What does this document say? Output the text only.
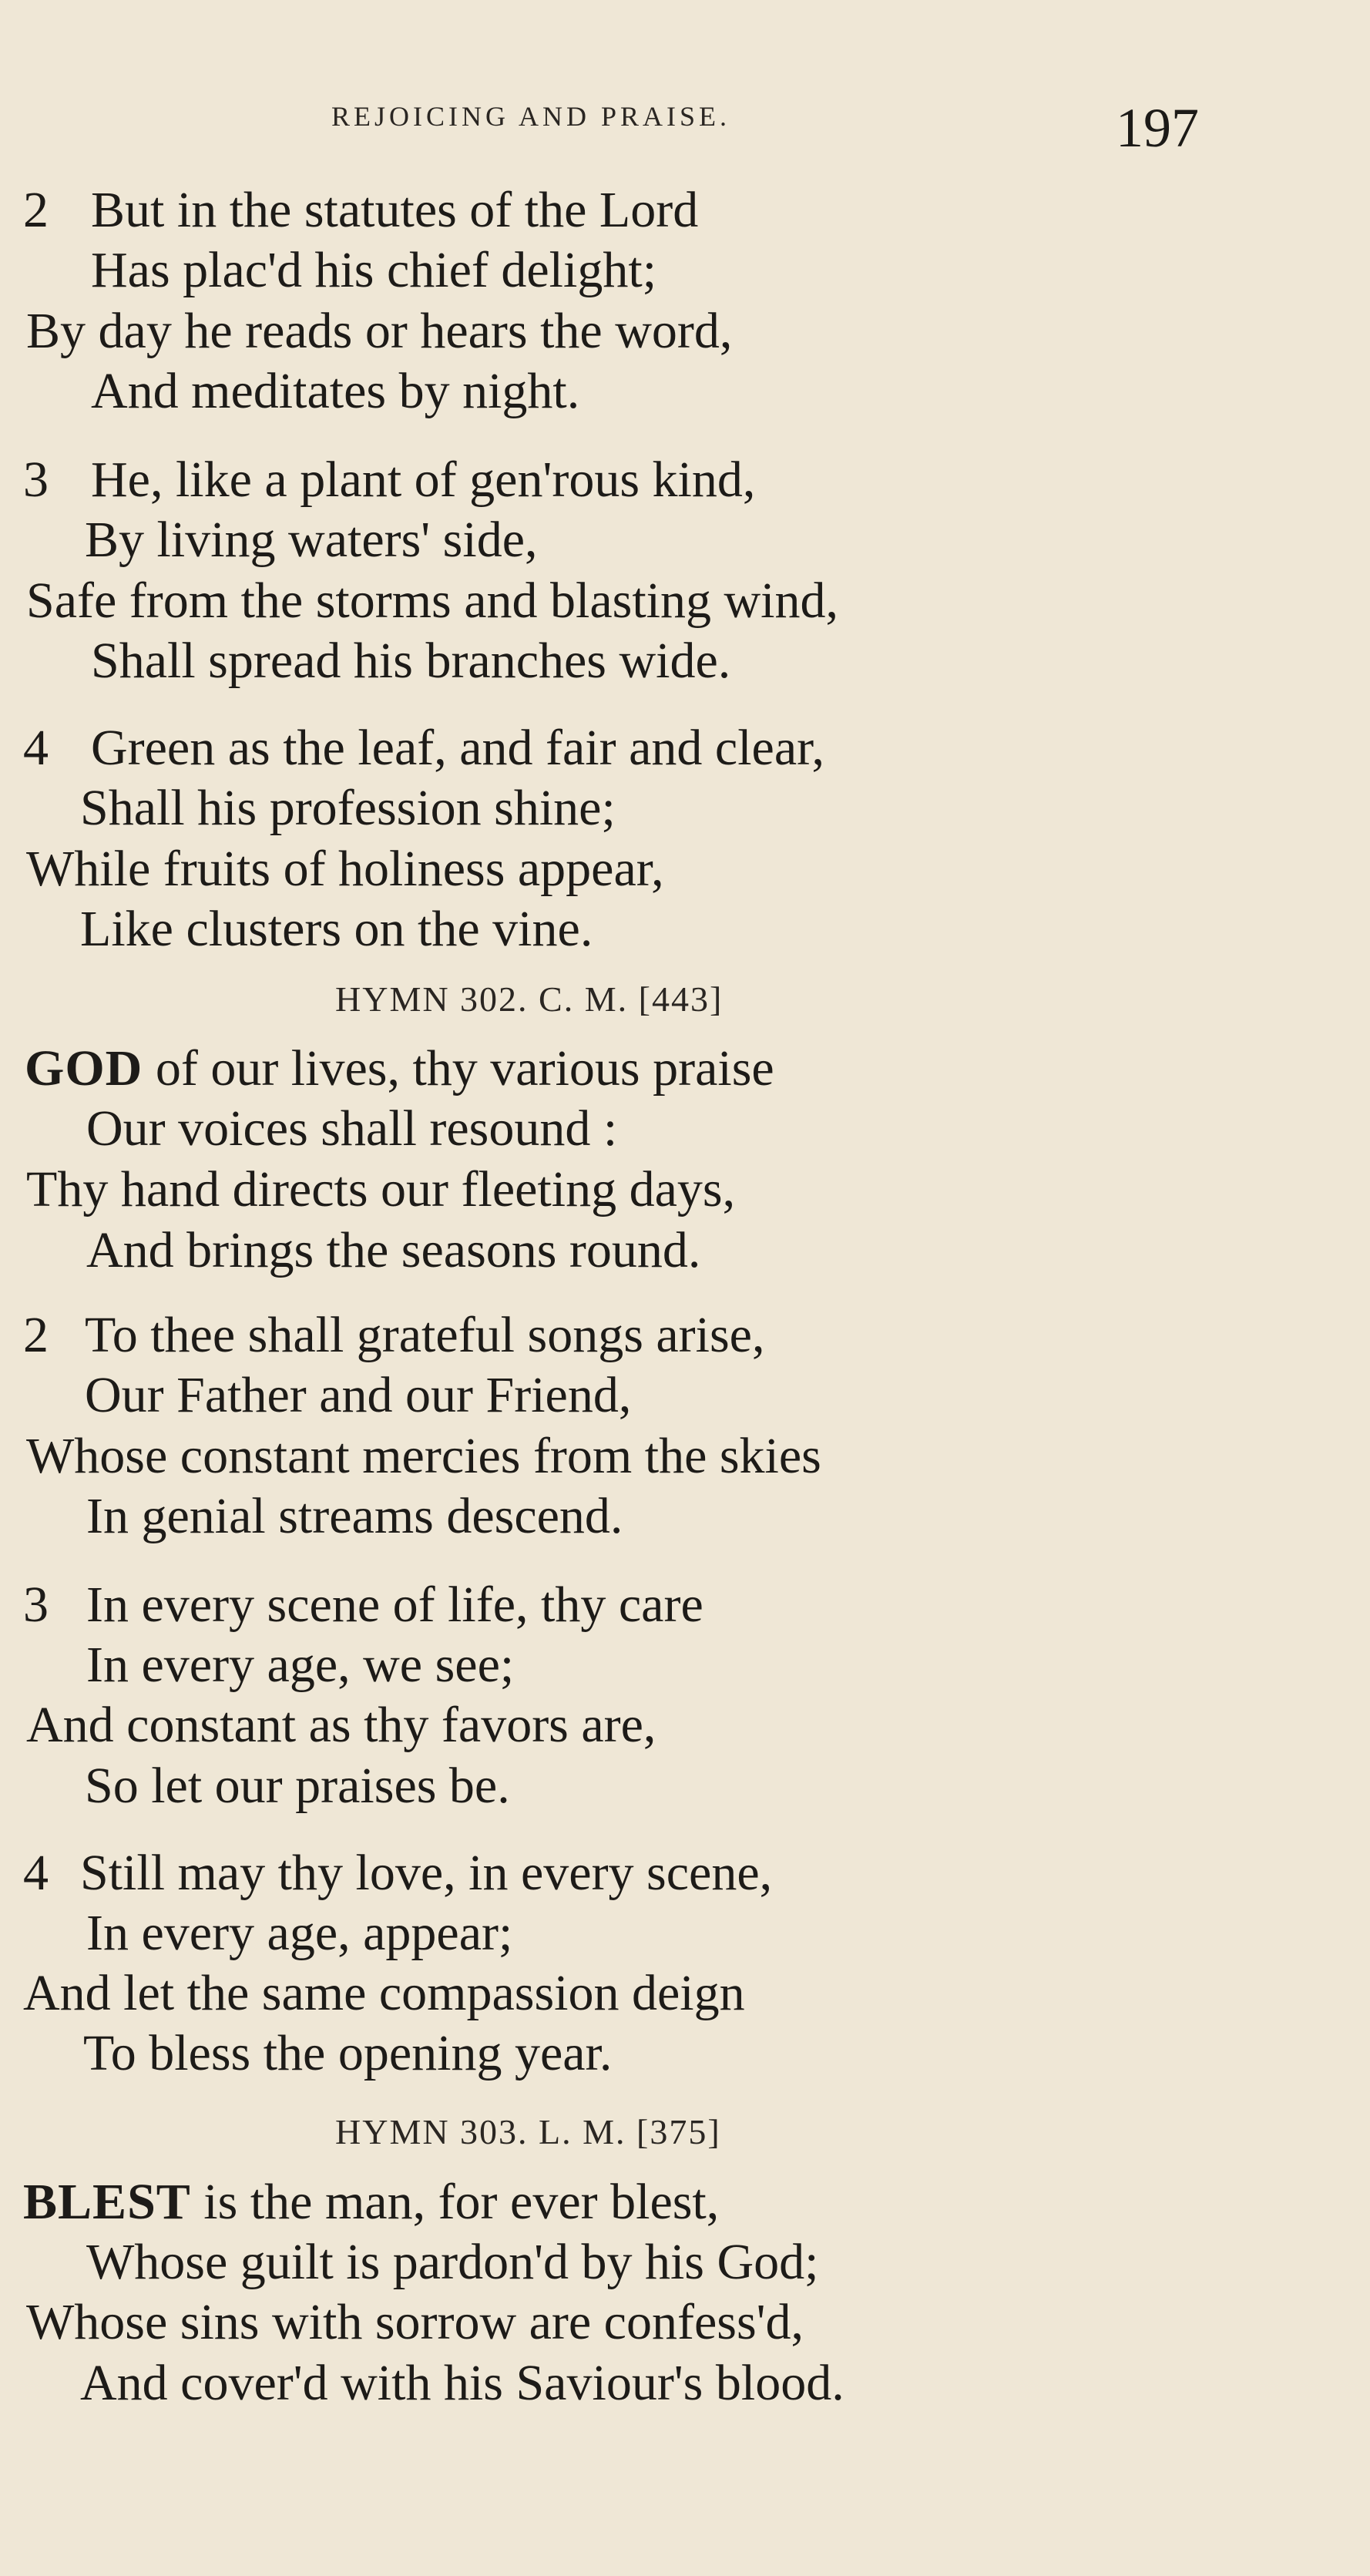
REJOICING AND PRAISE.	197
2 But in the statutes of the Lord
Has plac'd his chief delight;
By day he reads or hears the word,
And meditates by night.
3 He, like a plant of gen'rous kind,
By living waters' side,
Safe from the storms and blasting wind,
Shall spread his branches wide.
4 Green as the leaf, and fair and clear,
Shall his profession shine;
While fruits of holiness appear,
Like clusters on the vine.
HYMN 302. C. M. [443]
GOD of our lives, thy various praise
Our voices shall resound :
Thy hand directs our fleeting days,
And brings the seasons round.
2 To thee shall grateful songs arise,
Our Father and our Friend,
Whose constant mercies from the skies
In genial streams descend.
3 In every scene of life, thy care
In every age, we see;
And constant as thy favors are,
So let our praises be.
4 Still may thy love, in every scene,
In every age, appear;
And let the same compassion deign
To bless the opening year.
HYMN 303. L. M. [375]
BLEST is the man, for ever blest,
Whose guilt is pardon'd by his God;
Whose sins with sorrow are confess'd,
And cover'd with his Saviour's blood.
